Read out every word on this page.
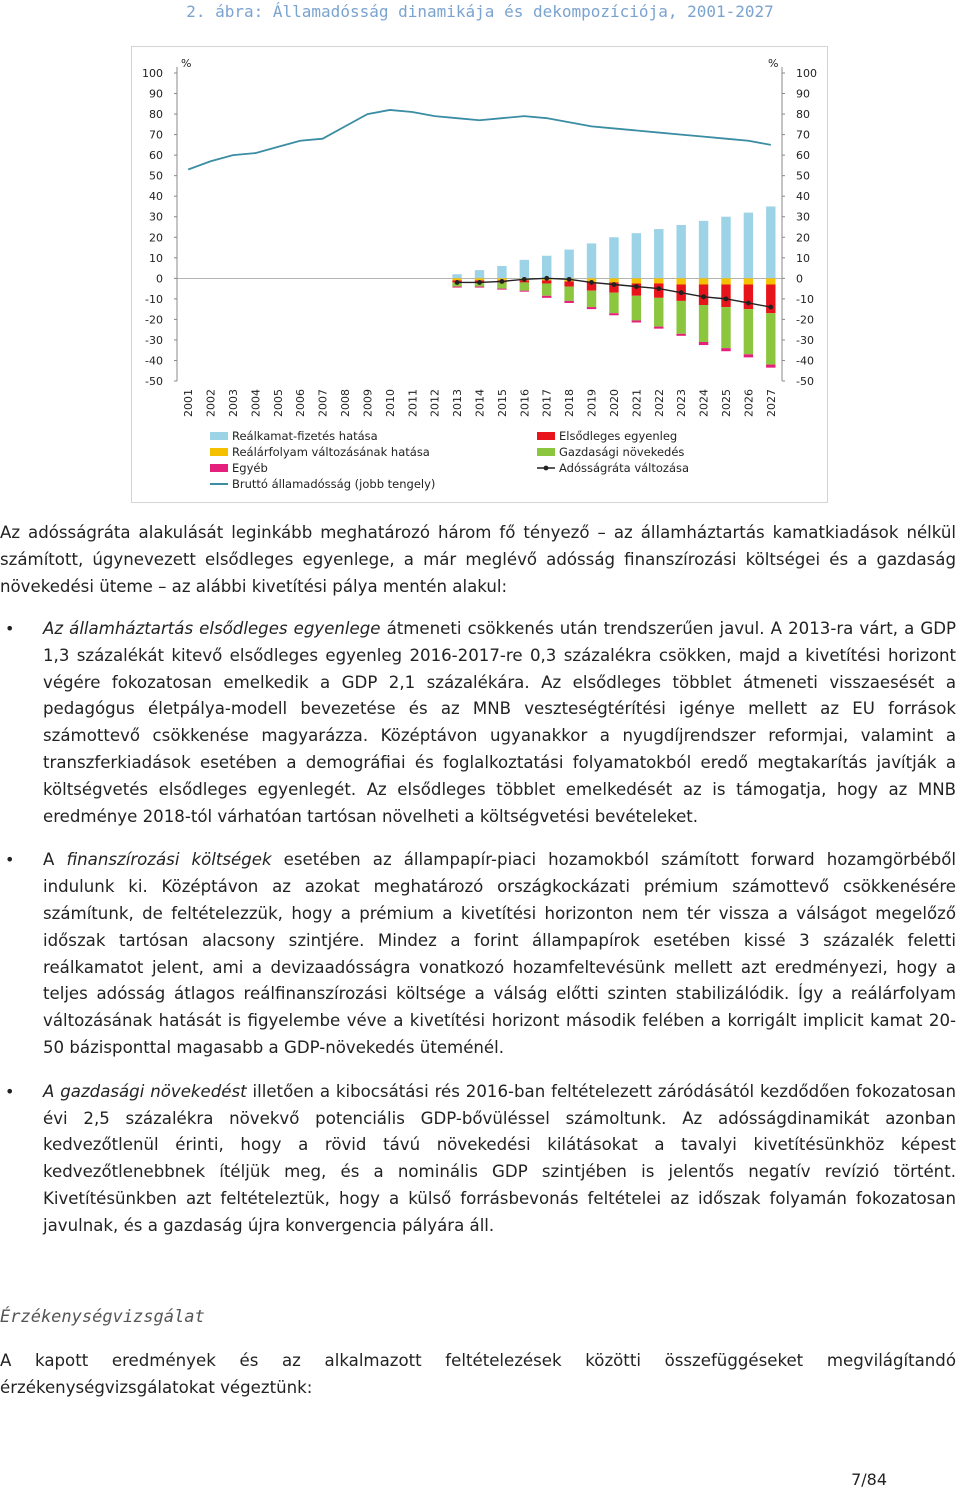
2. ábra: Államadósság dinamikája és dekompozíciója, 2001-2027
%	%
100
90
80
70
60
50
40
30
20
10
0
-10
-20
-30
-40
-50
100
90
80
70
60
50
40
30
20
10
0
-10
-20
-30
-40
-50
2001 2002 2003 2004 2005 2006 2007 2008 2009 2010 2011 2012 2013 2014 2015 2016 2017 2018 2019 2020 2021 2022 2023 2024 2025 2026 2027
Reálkamat-fizetés hatása	Elsődleges egyenleg
Reálárfolyam változásának hatása	Gazdasági növekedés
Egyéb	Adósságráta változása
Bruttó államadósság (jobb tengely)
Az adósságráta alakulását leginkább meghatározó három fő tényező – az államháztartás kamatkiadások nélkül számított, úgynevezett elsődleges egyenlege, a már meglévő adósság finanszírozási költségei és a gazdaság növekedési üteme – az alábbi kivetítési pálya mentén alakul:
• Az államháztartás elsődleges egyenlege átmeneti csökkenés után trendszerűen javul. A 2013-ra várt, a GDP 1,3 százalékát kitevő elsődleges egyenleg 2016-2017-re 0,3 százalékra csökken, majd a kivetítési horizont végére fokozatosan emelkedik a GDP 2,1 százalékára. Az elsődleges többlet átmeneti visszaesését a pedagógus életpálya-modell bevezetése és az MNB veszteségtérítési igénye mellett az EU források számottevő csökkenése magyarázza. Középtávon ugyanakkor a nyugdíjrendszer reformjai, valamint a transzferkiadások esetében a demográfiai és foglalkoztatási folyamatokból eredő megtakarítás javítják a költségvetés elsődleges egyenlegét. Az elsődleges többlet emelkedését az is támogatja, hogy az MNB eredménye 2018-tól várhatóan tartósan növelheti a költségvetési bevételeket.
• A finanszírozási költségek esetében az állampapír-piaci hozamokból számított forward hozamgörbéből indulunk ki. Középtávon az azokat meghatározó országkockázati prémium számottevő csökkenésére számítunk, de feltételezzük, hogy a prémium a kivetítési horizonton nem tér vissza a válságot megelőző időszak tartósan alacsony szintjére. Mindez a forint állampapírok esetében kissé 3 százalék feletti reálkamatot jelent, ami a devizaadósságra vonatkozó hozamfeltevésünk mellett azt eredményezi, hogy a teljes adósság átlagos reálfinanszírozási költsége a válság előtti szinten stabilizálódik. Így a reálárfolyam változásának hatását is figyelembe véve a kivetítési horizont második felében a korrigált implicit kamat 20-50 bázisponttal magasabb a GDP-növekedés üteménél.
• A gazdasági növekedést illetően a kibocsátási rés 2016-ban feltételezett záródásától kezdődően fokozatosan évi 2,5 százalékra növekvő potenciális GDP-bővüléssel számoltunk. Az adósságdinamikát azonban kedvezőtlenül érinti, hogy a rövid távú növekedési kilátásokat a tavalyi kivetítésünkhöz képest kedvezőtlenebbnek ítéljük meg, és a nominális GDP szintjében is jelentős negatív revízió történt. Kivetítésünkben azt feltételeztük, hogy a külső forrásbevonás feltételei az időszak folyamán fokozatosan javulnak, és a gazdaság újra konvergencia pályára áll.
Érzékenységvizsgálat
A kapott eredmények és az alkalmazott feltételezések közötti összefüggéseket megvilágítandó érzékenységvizsgálatokat végeztünk:
7/84
